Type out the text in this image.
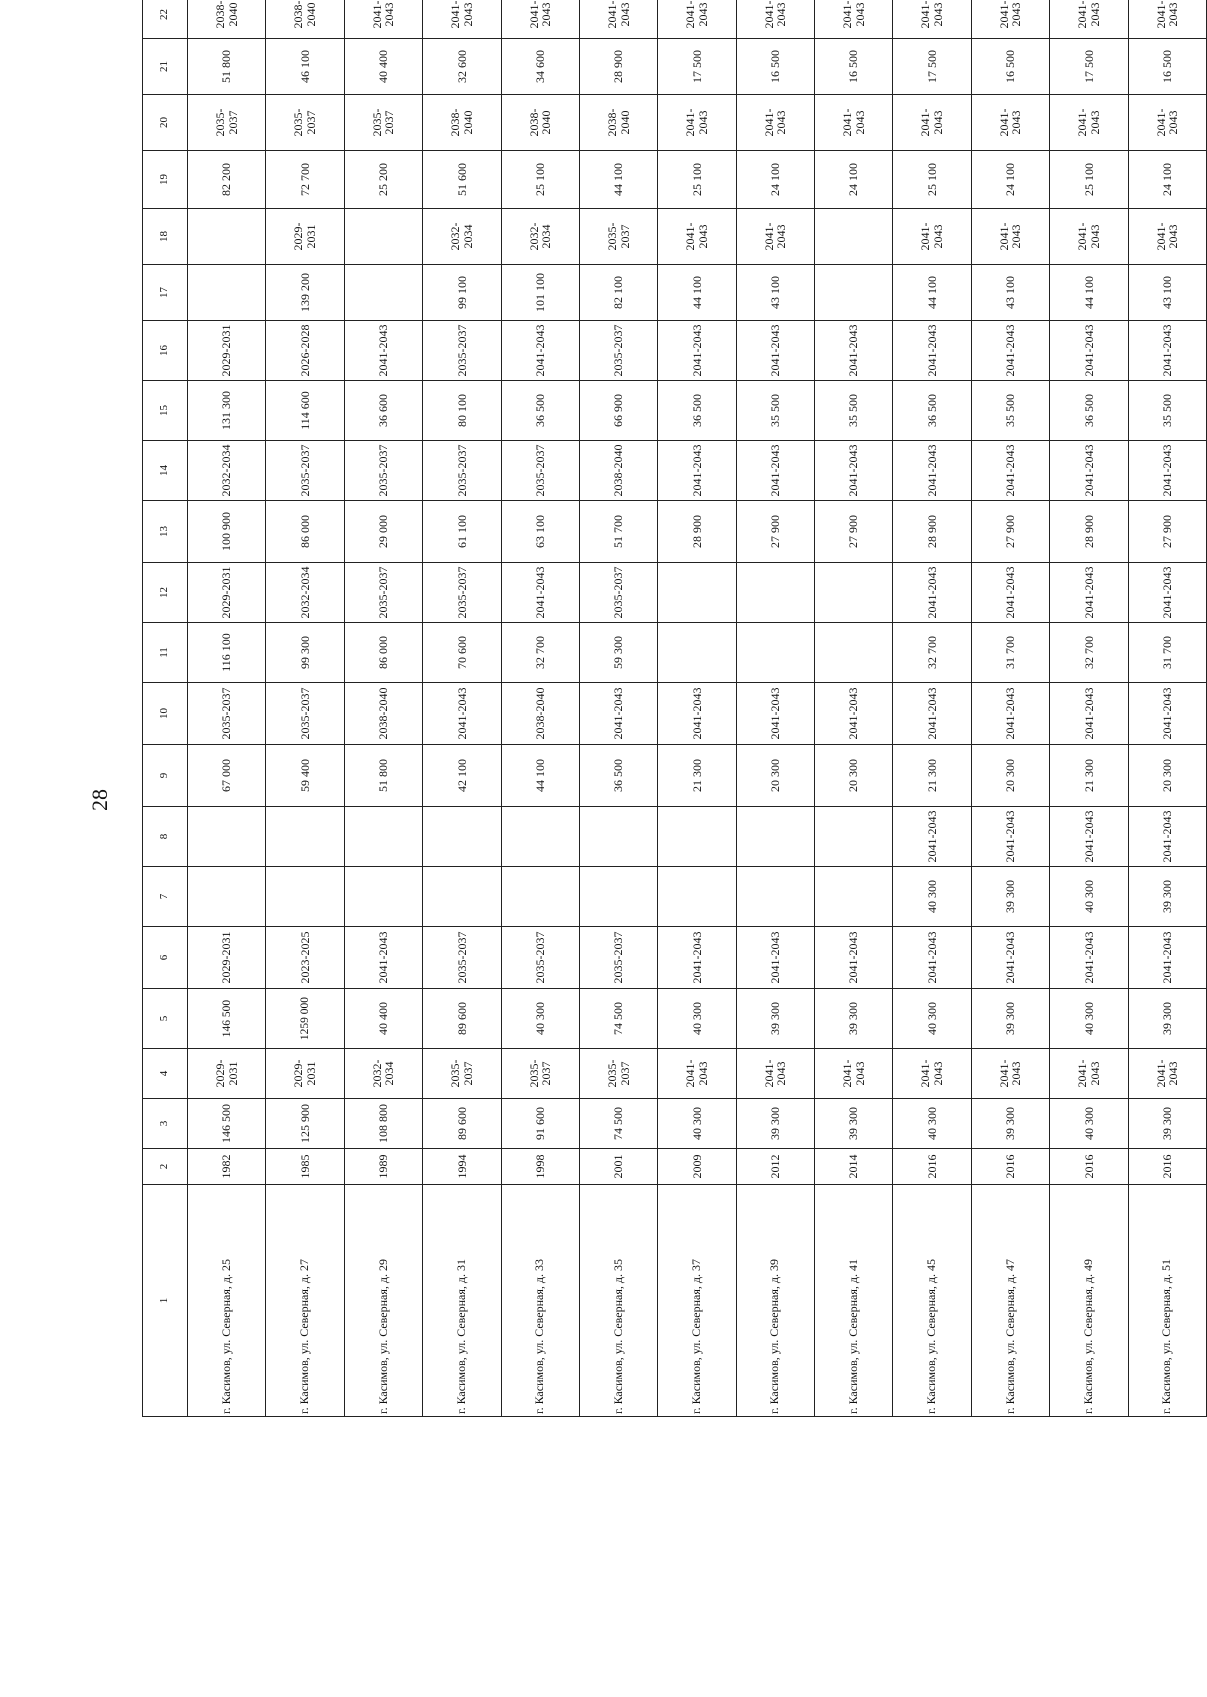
28
1	2	3	4	5	6	7	8	9	10	11	12	13	14	15	16	17	18	19	20	21	22		
г. Касимов, ул. Северная, д. 25	1982	146 500	2029-2031	146 500	2029-2031			67 000	2035-2037	116 100	2029-2031	100 900	2032-2034	131 300	2029-2031			82 200	2035-2037	51 800	2038-2040		
г. Касимов, ул. Северная, д. 27	1985	125 900	2029-2031	1259 000	2023-2025			59 400	2035-2037	99 300	2032-2034	86 000	2035-2037	114 600	2026-2028	139 200	2029-2031	72 700	2035-2037	46 100	2038-2040		
г. Касимов, ул. Северная, д. 29	1989	108 800	2032-2034	40 400	2041-2043			51 800	2038-2040	86 000	2035-2037	29 000	2035-2037	36 600	2041-2043			25 200	2035-2037	40 400	2041-2043		
г. Касимов, ул. Северная, д. 31	1994	89 600	2035-2037	89 600	2035-2037			42 100	2041-2043	70 600	2035-2037	61 100	2035-2037	80 100	2035-2037	99 100	2032-2034	51 600	2038-2040	32 600	2041-2043		
г. Касимов, ул. Северная, д. 33	1998	91 600	2035-2037	40 300	2035-2037			44 100	2038-2040	32 700	2041-2043	63 100	2035-2037	36 500	2041-2043	101 100	2032-2034	25 100	2038-2040	34 600	2041-2043		
г. Касимов, ул. Северная, д. 35	2001	74 500	2035-2037	74 500	2035-2037			36 500	2041-2043	59 300	2035-2037	51 700	2038-2040	66 900	2035-2037	82 100	2035-2037	44 100	2038-2040	28 900	2041-2043		
г. Касимов, ул. Северная, д. 37	2009	40 300	2041-2043	40 300	2041-2043			21 300	2041-2043			28 900	2041-2043	36 500	2041-2043	44 100	2041-2043	25 100	2041-2043	17 500	2041-2043		
г. Касимов, ул. Северная, д. 39	2012	39 300	2041-2043	39 300	2041-2043			20 300	2041-2043			27 900	2041-2043	35 500	2041-2043	43 100	2041-2043	24 100	2041-2043	16 500	2041-2043		
г. Касимов, ул. Северная, д. 41	2014	39 300	2041-2043	39 300	2041-2043			20 300	2041-2043			27 900	2041-2043	35 500	2041-2043			24 100	2041-2043	16 500	2041-2043		
г. Касимов, ул. Северная, д. 45	2016	40 300	2041-2043	40 300	2041-2043	40 300	2041-2043	21 300	2041-2043	32 700	2041-2043	28 900	2041-2043	36 500	2041-2043	44 100	2041-2043	25 100	2041-2043	17 500	2041-2043		
г. Касимов, ул. Северная, д. 47	2016	39 300	2041-2043	39 300	2041-2043	39 300	2041-2043	20 300	2041-2043	31 700	2041-2043	27 900	2041-2043	35 500	2041-2043	43 100	2041-2043	24 100	2041-2043	16 500	2041-2043		
г. Касимов, ул. Северная, д. 49	2016	40 300	2041-2043	40 300	2041-2043	40 300	2041-2043	21 300	2041-2043	32 700	2041-2043	28 900	2041-2043	36 500	2041-2043	44 100	2041-2043	25 100	2041-2043	17 500	2041-2043		
г. Касимов, ул. Северная, д. 51	2016	39 300	2041-2043	39 300	2041-2043	39 300	2041-2043	20 300	2041-2043	31 700	2041-2043	27 900	2041-2043	35 500	2041-2043	43 100	2041-2043	24 100	2041-2043	16 500	2041-2043		
